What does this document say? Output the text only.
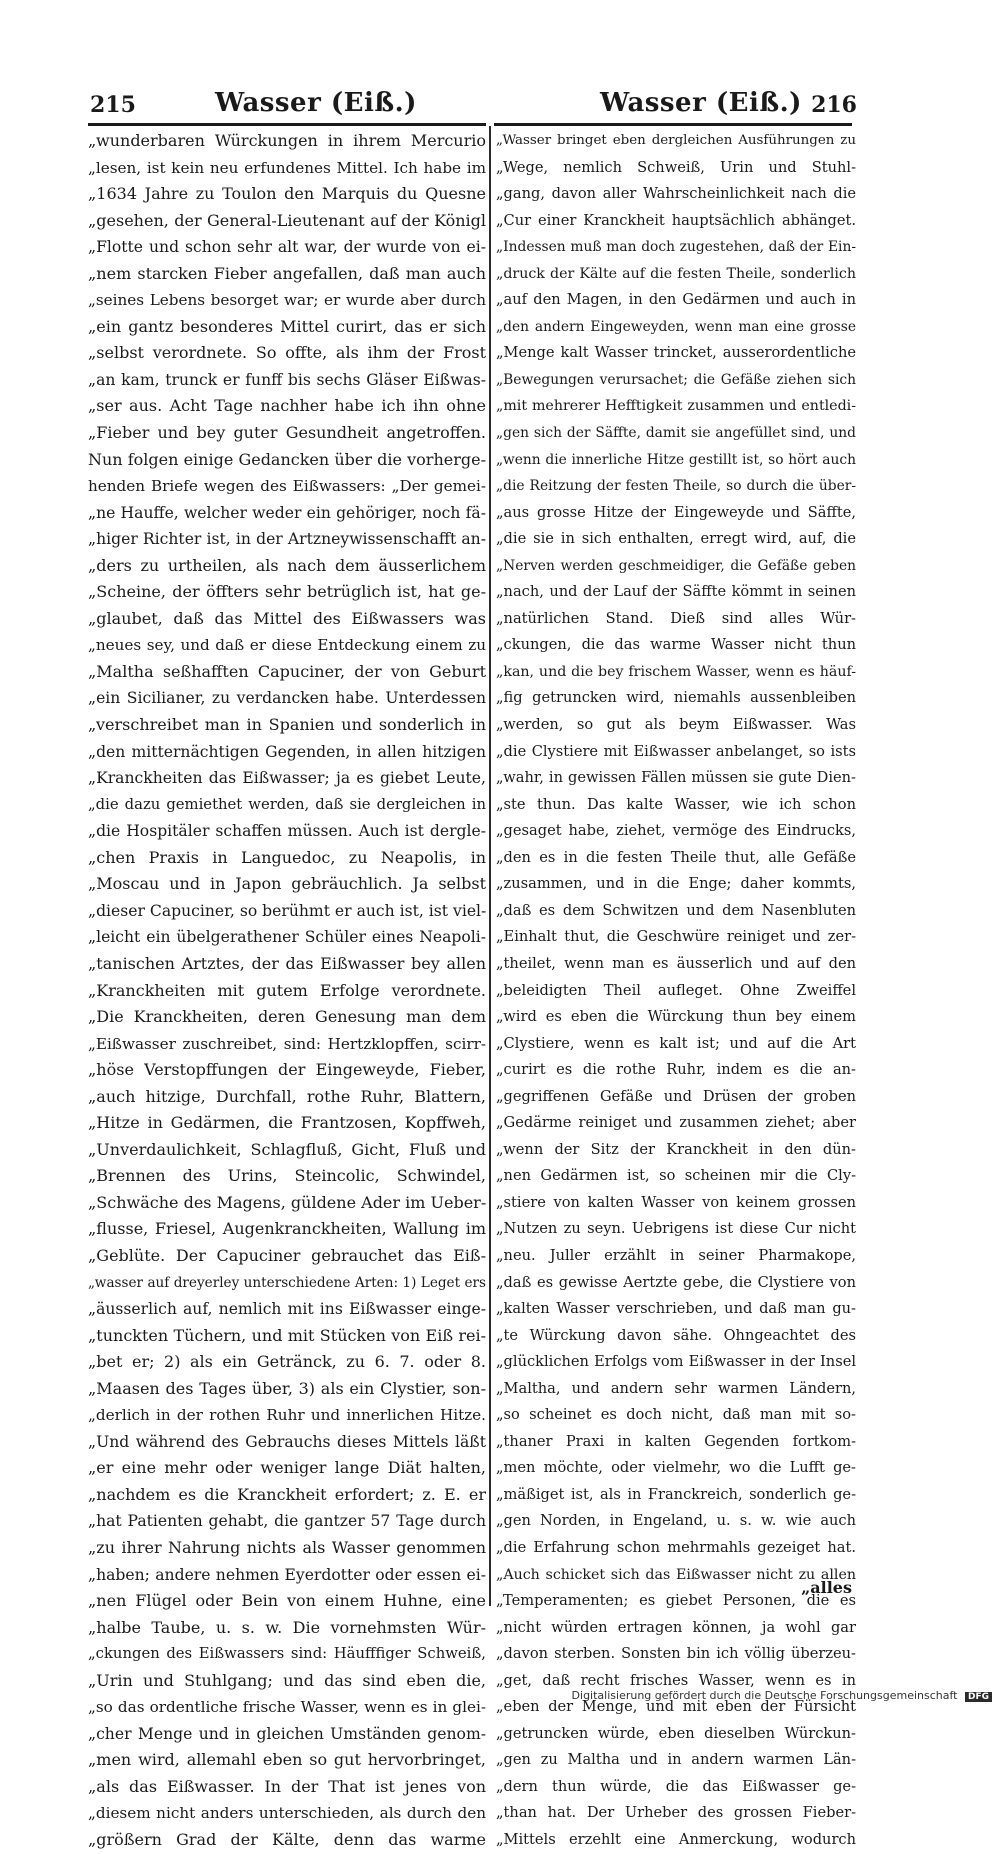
215	Wasser (Eiß.)	Wasser (Eiß.) 216
„wunderbaren Würckungen in ihrem Mercurio
„lesen, ist kein neu erfundenes Mittel. Ich habe im
„1634 Jahre zu Toulon den Marquis du Quesne
„gesehen, der General-Lieutenant auf der Königl
„Flotte und schon sehr alt war, der wurde von ei-
„nem starcken Fieber angefallen, daß man auch
„seines Lebens besorget war; er wurde aber durch
„ein gantz besonderes Mittel curirt, das er sich
„selbst verordnete. So offte, als ihm der Frost
„an kam, trunck er funff bis sechs Gläser Eißwas-
„ser aus. Acht Tage nachher habe ich ihn ohne
„Fieber und bey guter Gesundheit angetroffen.
Nun folgen einige Gedancken über die vorherge-
henden Briefe wegen des Eißwassers: „Der gemei-
„ne Hauffe, welcher weder ein gehöriger, noch fä-
„higer Richter ist, in der Artzneywissenschafft an-
„ders zu urtheilen, als nach dem äusserlichem
„Scheine, der öffters sehr betrüglich ist, hat ge-
„glaubet, daß das Mittel des Eißwassers was
„neues sey, und daß er diese Entdeckung einem zu
„Maltha seßhafften Capuciner, der von Geburt
„ein Sicilianer, zu verdancken habe. Unterdessen
„verschreibet man in Spanien und sonderlich in
„den mitternächtigen Gegenden, in allen hitzigen
„Kranckheiten das Eißwasser; ja es giebet Leute,
„die dazu gemiethet werden, daß sie dergleichen in
„die Hospitäler schaffen müssen. Auch ist dergle-
„chen Praxis in Languedoc, zu Neapolis, in
„Moscau und in Japon gebräuchlich. Ja selbst
„dieser Capuciner, so berühmt er auch ist, ist viel-
„leicht ein übelgerathener Schüler eines Neapoli-
„tanischen Artztes, der das Eißwasser bey allen
„Kranckheiten mit gutem Erfolge verordnete.
„Die Kranckheiten, deren Genesung man dem
„Eißwasser zuschreibet, sind: Hertzklopffen, scirr-
„höse Verstopffungen der Eingeweyde, Fieber,
„auch hitzige, Durchfall, rothe Ruhr, Blattern,
„Hitze in Gedärmen, die Frantzosen, Kopffweh,
„Unverdaulichkeit, Schlagfluß, Gicht, Fluß und
„Brennen des Urins, Steincolic, Schwindel,
„Schwäche des Magens, güldene Ader im Ueber-
„flusse, Friesel, Augenkranckheiten, Wallung im
„Geblüte. Der Capuciner gebrauchet das Eiß-
„wasser auf dreyerley unterschiedene Arten: 1) Leget ers
„äusserlich auf, nemlich mit ins Eißwasser einge-
„tunckten Tüchern, und mit Stücken von Eiß rei-
„bet er; 2) als ein Getränck, zu 6. 7. oder 8.
„Maasen des Tages über, 3) als ein Clystier, son-
„derlich in der rothen Ruhr und innerlichen Hitze.
„Und während des Gebrauchs dieses Mittels läßt
„er eine mehr oder weniger lange Diät halten,
„nachdem es die Kranckheit erfordert; z. E. er
„hat Patienten gehabt, die gantzer 57 Tage durch
„zu ihrer Nahrung nichts als Wasser genommen
„haben; andere nehmen Eyerdotter oder essen ei-
„nen Flügel oder Bein von einem Huhne, eine
„halbe Taube, u. s. w. Die vornehmsten Wür-
„ckungen des Eißwassers sind: Häufffiger Schweiß,
„Urin und Stuhlgang; und das sind eben die,
„so das ordentliche frische Wasser, wenn es in glei-
„cher Menge und in gleichen Umständen genom-
„men wird, allemahl eben so gut hervorbringet,
„als das Eißwasser. In der That ist jenes von
„diesem nicht anders unterschieden, als durch den
„größern Grad der Kälte, denn das warme
„Wasser bringet eben dergleichen Ausführungen zu
„Wege, nemlich Schweiß, Urin und Stuhl-
„gang, davon aller Wahrscheinlichkeit nach die
„Cur einer Kranckheit hauptsächlich abhänget.
„Indessen muß man doch zugestehen, daß der Ein-
„druck der Kälte auf die festen Theile, sonderlich
„auf den Magen, in den Gedärmen und auch in
„den andern Eingeweyden, wenn man eine grosse
„Menge kalt Wasser trincket, ausserordentliche
„Bewegungen verursachet; die Gefäße ziehen sich
„mit mehrerer Hefftigkeit zusammen und entledi-
„gen sich der Säffte, damit sie angefüllet sind, und
„wenn die innerliche Hitze gestillt ist, so hört auch
„die Reitzung der festen Theile, so durch die über-
„aus grosse Hitze der Eingeweyde und Säffte,
„die sie in sich enthalten, erregt wird, auf, die
„Nerven werden geschmeidiger, die Gefäße geben
„nach, und der Lauf der Säffte kömmt in seinen
„natürlichen Stand. Dieß sind alles Wür-
„ckungen, die das warme Wasser nicht thun
„kan, und die bey frischem Wasser, wenn es häuf-
„fig getruncken wird, niemahls aussenbleiben
„werden, so gut als beym Eißwasser. Was
„die Clystiere mit Eißwasser anbelanget, so ists
„wahr, in gewissen Fällen müssen sie gute Dien-
„ste thun. Das kalte Wasser, wie ich schon
„gesaget habe, ziehet, vermöge des Eindrucks,
„den es in die festen Theile thut, alle Gefäße
„zusammen, und in die Enge; daher kommts,
„daß es dem Schwitzen und dem Nasenbluten
„Einhalt thut, die Geschwüre reiniget und zer-
„theilet, wenn man es äusserlich und auf den
„beleidigten Theil aufleget. Ohne Zweiffel
„wird es eben die Würckung thun bey einem
„Clystiere, wenn es kalt ist; und auf die Art
„curirt es die rothe Ruhr, indem es die an-
„gegriffenen Gefäße und Drüsen der groben
„Gedärme reiniget und zusammen ziehet; aber
„wenn der Sitz der Kranckheit in den dün-
„nen Gedärmen ist, so scheinen mir die Cly-
„stiere von kalten Wasser von keinem grossen
„Nutzen zu seyn. Uebrigens ist diese Cur nicht
„neu. Juller erzählt in seiner Pharmakope,
„daß es gewisse Aertzte gebe, die Clystiere von
„kalten Wasser verschrieben, und daß man gu-
„te Würckung davon sähe. Ohngeachtet des
„glücklichen Erfolgs vom Eißwasser in der Insel
„Maltha, und andern sehr warmen Ländern,
„so scheinet es doch nicht, daß man mit so-
„thaner Praxi in kalten Gegenden fortkom-
„men möchte, oder vielmehr, wo die Lufft ge-
„mäßiget ist, als in Franckreich, sonderlich ge-
„gen Norden, in Engeland, u. s. w. wie auch
„die Erfahrung schon mehrmahls gezeiget hat.
„Auch schicket sich das Eißwasser nicht zu allen
„Temperamenten; es giebet Personen, die es
„nicht würden ertragen können, ja wohl gar
„davon sterben. Sonsten bin ich völlig überzeu-
„get, daß recht frisches Wasser, wenn es in
„eben der Menge, und mit eben der Fürsicht
„getruncken würde, eben dieselben Würckun-
„gen zu Maltha und in andern warmen Län-
„dern thun würde, die das Eißwasser ge-
„than hat. Der Urheber des grossen Fieber-
„Mittels erzehlt eine Anmerckung, wodurch
„alles
Digitalisierung gefördert durch die Deutsche Forschungsgemeinschaft DFG
